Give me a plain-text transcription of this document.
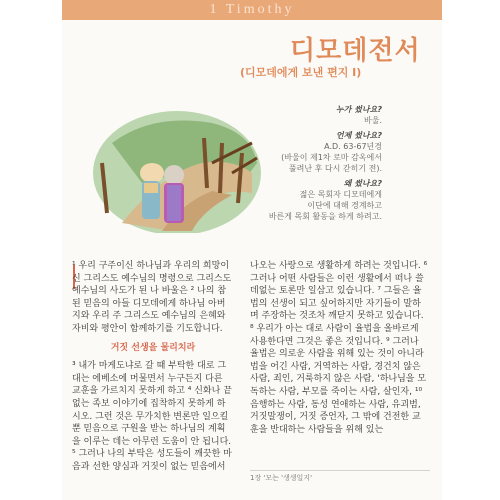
1 Timothy
디모데전서
(디모데에게 보낸 편지 I)
누가 썼나요?
바울.
언제 썼나요?
A.D. 63-67년경
(바울이 제1차 로마 감옥에서
풀려난 후 다시 갇히기 전).
왜 썼나요?
젊은 목회자 디모데에게
이단에 대해 경계하고
바른게 목회 활동을 하게 하려고.

¹ 우리 구주이신 하나님과 우리의 희망이신 그리스도 예수님의 명령으로 그리스도 예수님의 사도가 된 나 바울은 ² 나의 참된 믿음의 아들 디모데에게 하나님 아버지와 우리 주 그리스도 예수님의 은혜와 자비와 평안이 함께하기를 기도합니다.

거짓 선생을 물리치라

³ 내가 마게도냐로 갈 때 부탁한 대로 그대는 에베소에 머물면서 누구든지 다른 교훈을 가르치지 못하게 하고 ⁴ 신화나 끝없는 족보 이야기에 집착하지 못하게 하시오. 그런 것은 무가치한 변론만 일으킬 뿐 믿음으로 구원을 받는 하나님의 계획을 이루는 데는 아무런 도움이 안 됩니다. ⁵ 그러나 나의 부탁은 성도들이 깨끗한 마음과 선한 양심과 거짓이 없는 믿음에서

나오는 사랑으로 생활하게 하려는 것입니다. ⁶ 그러나 어떤 사람들은 이런 생활에서 떠나 쓸데없는 토론만 일삼고 있습니다. ⁷ 그들은 율법의 선생이 되고 싶어하지만 자기들이 말하며 주장하는 것조차 깨닫지 못하고 있습니다. ⁸ 우리가 아는 대로 사람이 율법을 올바르게 사용한다면 그것은 좋은 것입니다. ⁹ 그러나 율법은 의로운 사람을 위해 있는 것이 아니라 법을 어긴 사람, 거역하는 사람, 경건치 않은 사람, 죄인, 거룩하지 않은 사람, '하나님을 모독하는 사람, 부모를 죽이는 사람, 살인자, ¹⁰ 음행하는 사람, 동성 연애하는 사람, 유괴범, 거짓말쟁이, 거짓 증언자, 그 밖에 건전한 교훈을 반대하는 사람들을 위해 있는

1장 '모는 '생생일지'
